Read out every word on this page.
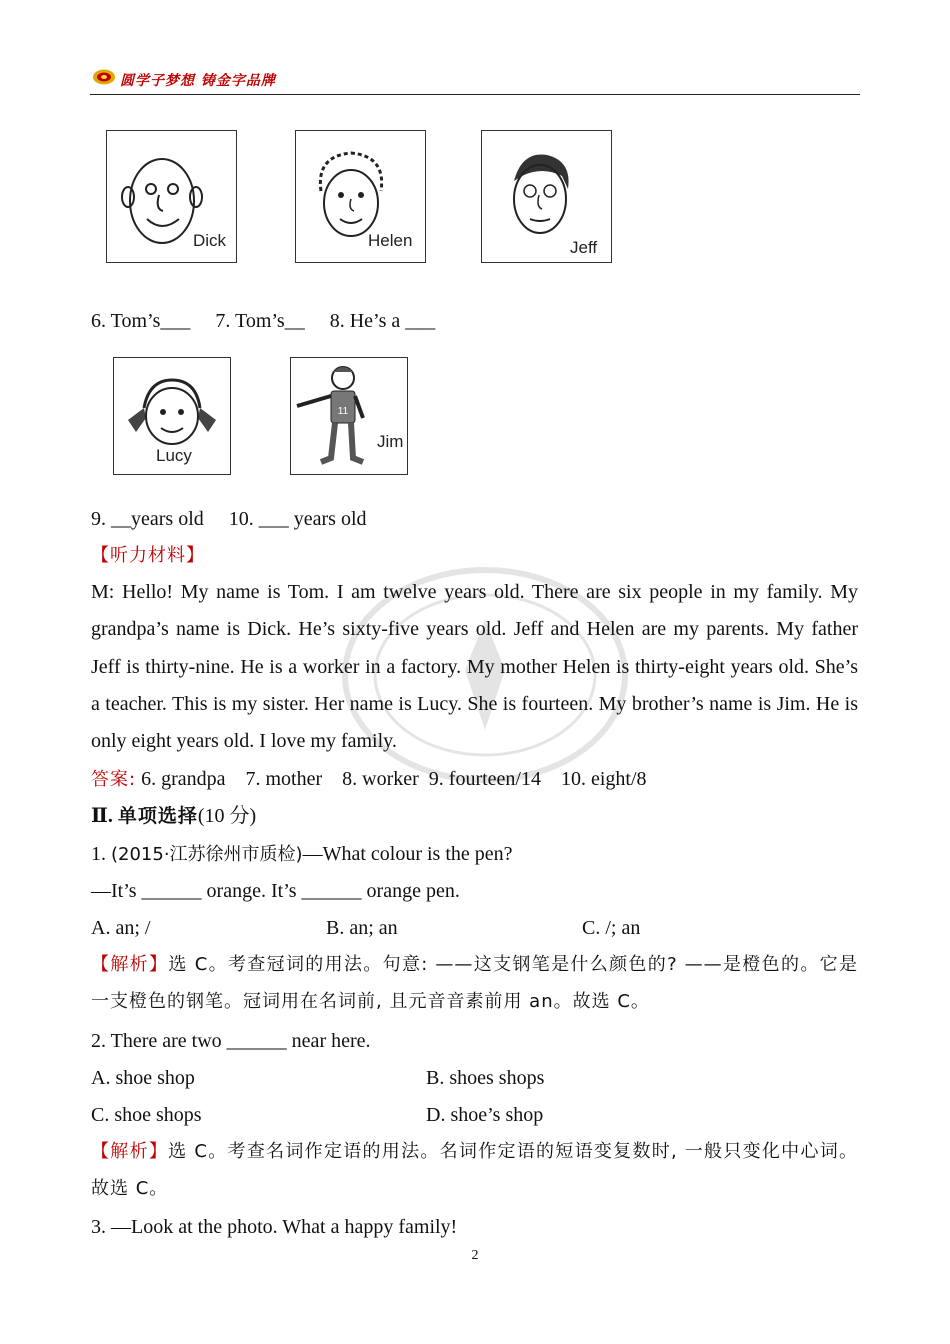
圆学子梦想 铸金字品牌
Dick	Helen	Jeff
6. Tom’s___ 7. Tom’s__ 8. He’s a ___
Lucy
11
Jim
9. __years old 10. ___ years old
【听力材料】
M: Hello! My name is Tom. I am twelve years old. There are six people in my family. My grandpa’s name is Dick. He’s sixty-five years old. Jeff and Helen are my parents. My father Jeff is thirty-nine. He is a worker in a factory. My mother Helen is thirty-eight years old. She’s a teacher. This is my sister. Her name is Lucy. She is fourteen. My brother’s name is Jim. He is only eight years old. I love my family.
答案: 6. grandpa    7. mother    8. worker  9. fourteen/14    10. eight/8
Ⅱ. 单项选择(10 分)
1. (2015·江苏徐州市质检)—What colour is the pen?
—It’s ______ orange. It’s ______ orange pen.
A. an; /	B. an; an	C. /; an
【解析】选 C。考查冠词的用法。句意: ——这支钢笔是什么颜色的? ——是橙色的。它是一支橙色的钢笔。冠词用在名词前, 且元音音素前用 an。故选 C。
2. There are two ______ near here.
A. shoe shop	B. shoes shops
C. shoe shops	D. shoe’s shop
【解析】选 C。考查名词作定语的用法。名词作定语的短语变复数时, 一般只变化中心词。故选 C。
3. —Look at the photo. What a happy family!
2
